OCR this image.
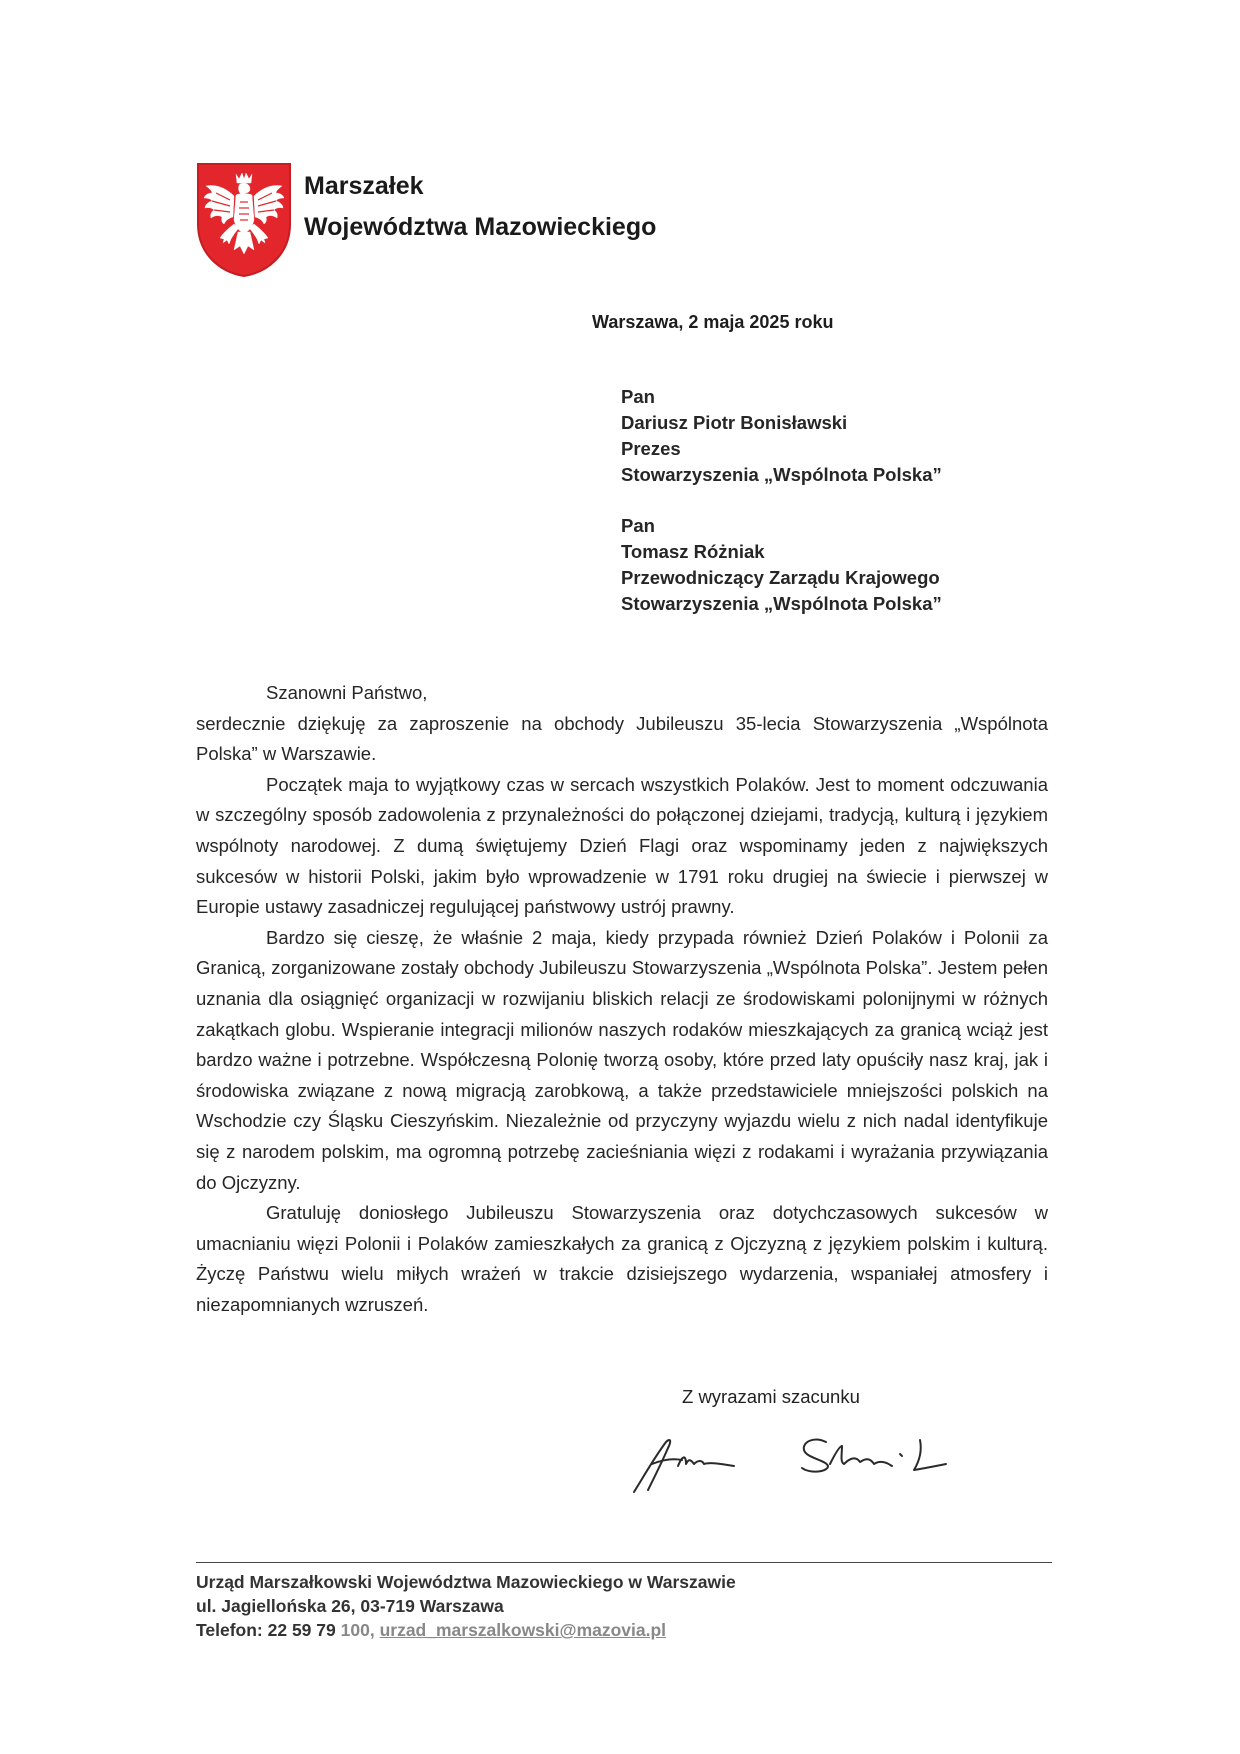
Marszałek
Województwa Mazowieckiego
Warszawa, 2 maja 2025 roku
Pan
Dariusz Piotr Bonisławski
Prezes
Stowarzyszenia „Wspólnota Polska”
Pan
Tomasz Różniak
Przewodniczący Zarządu Krajowego
Stowarzyszenia „Wspólnota Polska”

Szanowni Państwo,

serdecznie dziękuję za zaproszenie na obchody Jubileuszu 35-lecia Stowarzyszenia „Wspólnota Polska” w Warszawie.

Początek maja to wyjątkowy czas w sercach wszystkich Polaków. Jest to moment odczuwania w szczególny sposób zadowolenia z przynależności do połączonej dziejami, tradycją, kulturą i językiem wspólnoty narodowej. Z dumą świętujemy Dzień Flagi oraz wspominamy jeden z największych sukcesów w historii Polski, jakim było wprowadzenie w 1791 roku drugiej na świecie i pierwszej w Europie ustawy zasadniczej regulującej państwowy ustrój prawny.

Bardzo się cieszę, że właśnie 2 maja, kiedy przypada również Dzień Polaków i Polonii za Granicą, zorganizowane zostały obchody Jubileuszu Stowarzyszenia „Wspólnota Polska”. Jestem pełen uznania dla osiągnięć organizacji w rozwijaniu bliskich relacji ze środowiskami polonijnymi w różnych zakątkach globu. Wspieranie integracji milionów naszych rodaków mieszkających za granicą wciąż jest bardzo ważne i potrzebne. Współczesną Polonię tworzą osoby, które przed laty opuściły nasz kraj, jak i środowiska związane z nową migracją zarobkową, a także przedstawiciele mniejszości polskich na Wschodzie czy Śląsku Cieszyńskim. Niezależnie od przyczyny wyjazdu wielu z nich nadal identyfikuje się z narodem polskim, ma ogromną potrzebę zacieśniania więzi z rodakami i wyrażania przywiązania do Ojczyzny.

Gratuluję doniosłego Jubileuszu Stowarzyszenia oraz dotychczasowych sukcesów w umacnianiu więzi Polonii i Polaków zamieszkałych za granicą z Ojczyzną z językiem polskim i kulturą. Życzę Państwu wielu miłych wrażeń w trakcie dzisiejszego wydarzenia, wspaniałej atmosfery i niezapomnianych wzruszeń.

Z wyrazami szacunku
Urząd Marszałkowski Województwa Mazowieckiego w Warszawie
ul. Jagiellońska 26, 03-719 Warszawa
Telefon: 22 59 79 100, urzad_marszalkowski@mazovia.pl
